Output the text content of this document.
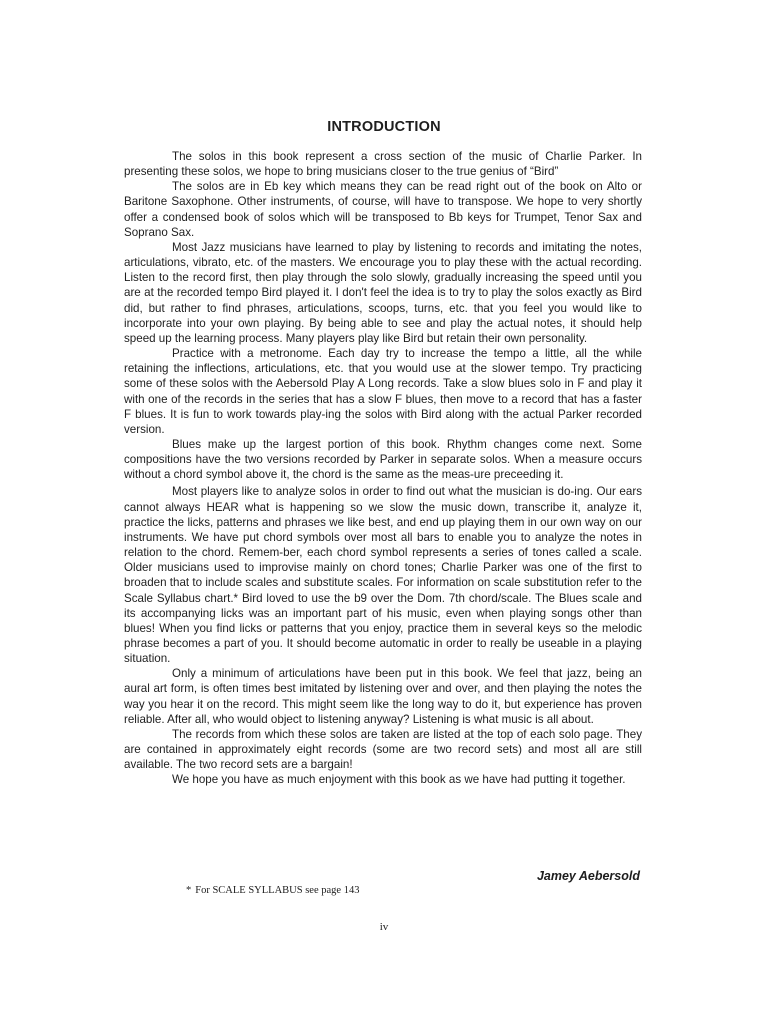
INTRODUCTION

The solos in this book represent a cross section of the music of Charlie Parker. In presenting these solos, we hope to bring musicians closer to the true genius of “Bird”

The solos are in Eb key which means they can be read right out of the book on Alto or Baritone Saxophone. Other instruments, of course, will have to transpose. We hope to very shortly offer a condensed book of solos which will be transposed to Bb keys for Trumpet, Tenor Sax and Soprano Sax.

Most Jazz musicians have learned to play by listening to records and imitating the notes, articulations, vibrato, etc. of the masters. We encourage you to play these with the actual recording. Listen to the record first, then play through the solo slowly, gradually increasing the speed until you are at the recorded tempo Bird played it. I don't feel the idea is to try to play the solos exactly as Bird did, but rather to find phrases, articulations, scoops, turns, etc. that you feel you would like to incorporate into your own playing. By being able to see and play the actual notes, it should help speed up the learning process. Many players play like Bird but retain their own personality.

Practice with a metronome. Each day try to increase the tempo a little, all the while retaining the inflections, articulations, etc. that you would use at the slower tempo. Try practicing some of these solos with the Aebersold Play A Long records. Take a slow blues solo in F and play it with one of the records in the series that has a slow F blues, then move to a record that has a faster F blues. It is fun to work towards play-ing the solos with Bird along with the actual Parker recorded version.

Blues make up the largest portion of this book. Rhythm changes come next. Some compositions have the two versions recorded by Parker in separate solos. When a measure occurs without a chord symbol above it, the chord is the same as the meas-ure preceeding it.

Most players like to analyze solos in order to find out what the musician is do-ing. Our ears cannot always HEAR what is happening so we slow the music down, transcribe it, analyze it, practice the licks, patterns and phrases we like best, and end up playing them in our own way on our instruments. We have put chord symbols over most all bars to enable you to analyze the notes in relation to the chord. Remem-ber, each chord symbol represents a series of tones called a scale. Older musicians used to improvise mainly on chord tones; Charlie Parker was one of the first to broaden that to include scales and substitute scales. For information on scale substitution refer to the Scale Syllabus chart.* Bird loved to use the b9 over the Dom. 7th chord/scale. The Blues scale and its accompanying licks was an important part of his music, even when playing songs other than blues! When you find licks or patterns that you enjoy, practice them in several keys so the melodic phrase becomes a part of you. It should become automatic in order to really be useable in a playing situation.

Only a minimum of articulations have been put in this book. We feel that jazz, being an aural art form, is often times best imitated by listening over and over, and then playing the notes the way you hear it on the record. This might seem like the long way to do it, but experience has proven reliable. After all, who would object to listening anyway? Listening is what music is all about.

The records from which these solos are taken are listed at the top of each solo page. They are contained in approximately eight records (some are two record sets) and most all are still available. The two record sets are a bargain!

We hope you have as much enjoyment with this book as we have had putting it together.

Jamey Aebersold
* For SCALE SYLLABUS see page 143
iv
